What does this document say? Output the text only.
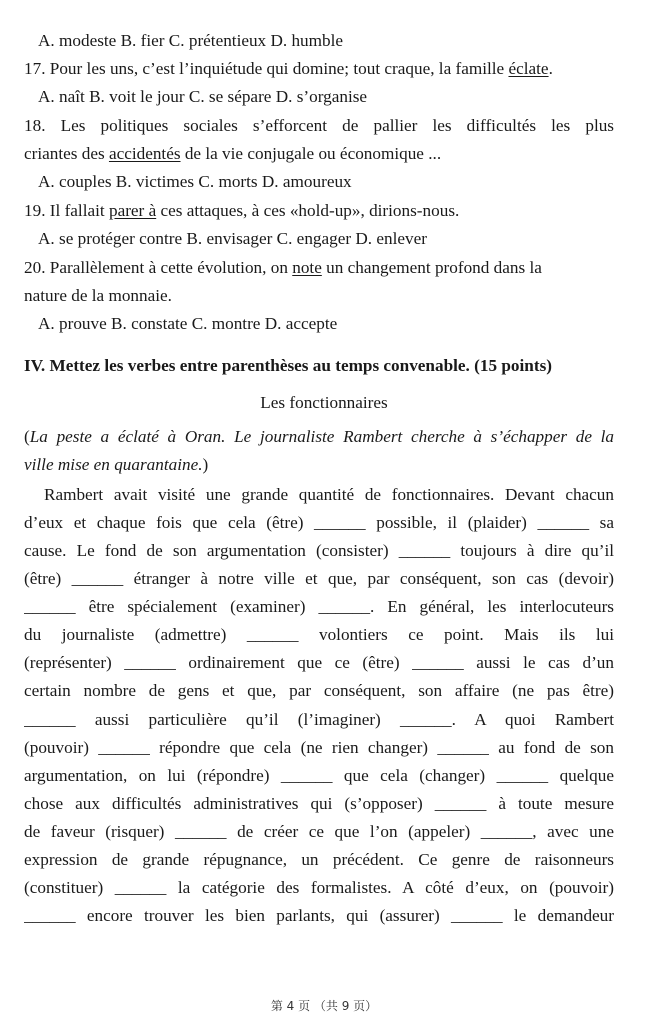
A. modeste B. fier C. prétentieux D. humble
17. Pour les uns, c’est l’inquiétude qui domine; tout craque, la famille éclate.
A. naît B. voit le jour C. se sépare D. s’organise
18. Les politiques sociales s’efforcent de pallier les difficultés les plus
criantes des accidentés de la vie conjugale ou économique ...
A. couples B. victimes C. morts D. amoureux
19. Il fallait parer à ces attaques, à ces «hold-up», dirions-nous.
A. se protéger contre B. envisager C. engager D. enlever
20. Parallèlement à cette évolution, on note un changement profond dans la
nature de la monnaie.
A. prouve B. constate C. montre D. accepte
IV. Mettez les verbes entre parenthèses au temps convenable. (15 points)
Les fonctionnaires
(La peste a éclaté à Oran. Le journaliste Rambert cherche à s’échapper de la
ville mise en quarantaine.)
Rambert avait visité une grande quantité de fonctionnaires. Devant chacun
d’eux et chaque fois que cela (être) ______ possible, il (plaider) ______ sa
cause. Le fond de son argumentation (consister) ______ toujours à dire qu’il
(être) ______ étranger à notre ville et que, par conséquent, son cas (devoir)
______ être spécialement (examiner) ______. En général, les interlocuteurs
du journaliste (admettre) ______ volontiers ce point. Mais ils lui
(représenter) ______ ordinairement que ce (être) ______ aussi le cas d’un
certain nombre de gens et que, par conséquent, son affaire (ne pas être)
______ aussi particulière qu’il (l’imaginer) ______. A quoi Rambert
(pouvoir) ______ répondre que cela (ne rien changer) ______ au fond de son
argumentation, on lui (répondre) ______ que cela (changer) ______ quelque
chose aux difficultés administratives qui (s’opposer) ______ à toute mesure
de faveur (risquer) ______ de créer ce que l’on (appeler) ______, avec une
expression de grande répugnance, un précédent. Ce genre de raisonneurs
(constituer) ______ la catégorie des formalistes. A côté d’eux, on (pouvoir)
______ encore trouver les bien parlants, qui (assurer) ______ le demandeur
第 4 页 （共 9 页）
